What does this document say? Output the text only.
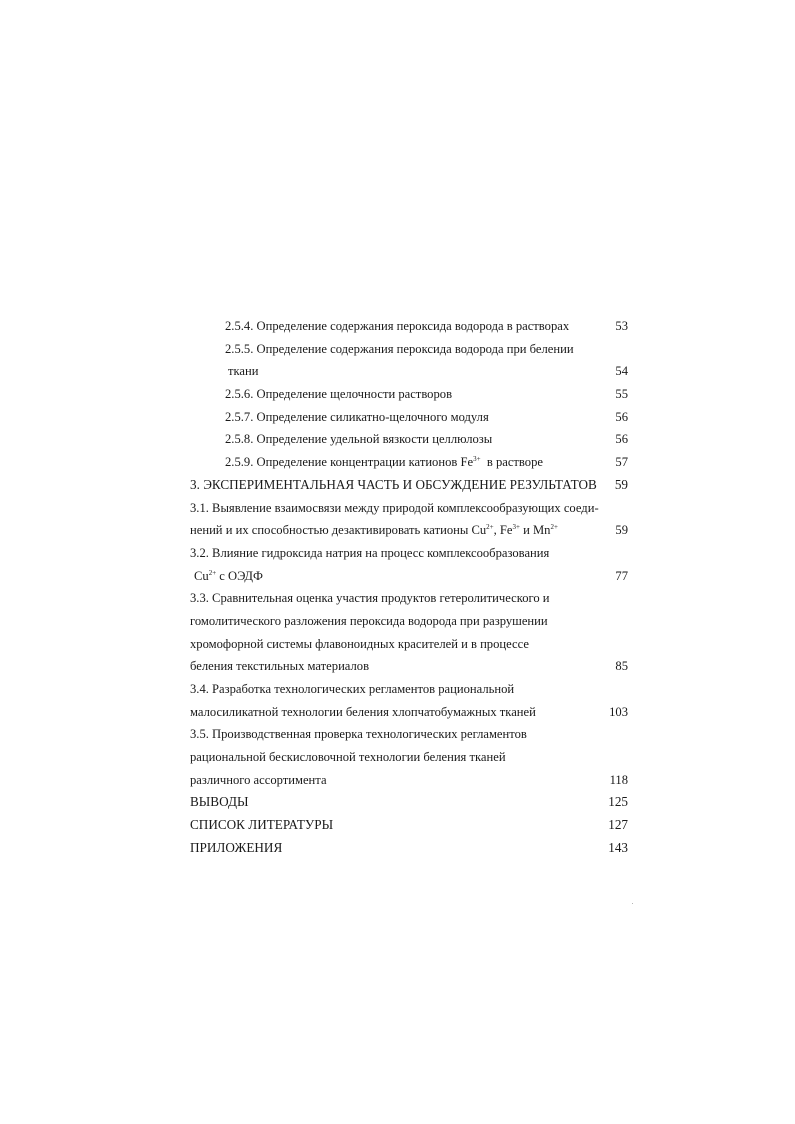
2.5.4. Определение содержания пероксида водорода в растворах	53
2.5.5. Определение содержания пероксида водорода при белении
ткани	54
2.5.6. Определение щелочности растворов	55
2.5.7. Определение силикатно-щелочного модуля	56
2.5.8. Определение удельной вязкости целлюлозы	56
2.5.9. Определение концентрации катионов $Fe^{3+}$  в растворе	57
3. ЭКСПЕРИМЕНТАЛЬНАЯ ЧАСТЬ И ОБСУЖДЕНИЕ РЕЗУЛЬТАТОВ 59
3.1. Выявление взаимосвязи между природой комплексообразующих соеди-
нений и их способностью дезактивировать катионы $Cu^{2+}$, $Fe^{3+}$ и $Mn^{2+}$	59
3.2. Влияние гидроксида натрия на процесс комплексообразования
$Cu^{2+}$ с ОЭДФ	77
3.3. Сравнительная оценка участия продуктов гетеролитического и
гомолитического разложения пероксида водорода при разрушении
хромофорной системы флавоноидных красителей и в процессе
беления текстильных материалов	85
3.4. Разработка технологических регламентов рациональной
малосиликатной технологии беления хлопчатобумажных тканей	103
3.5. Производственная проверка технологических регламентов
рациональной бескисловочной технологии беления тканей
различного ассортимента	118
ВЫВОДЫ	125
СПИСОК ЛИТЕРАТУРЫ	127
ПРИЛОЖЕНИЯ	143
